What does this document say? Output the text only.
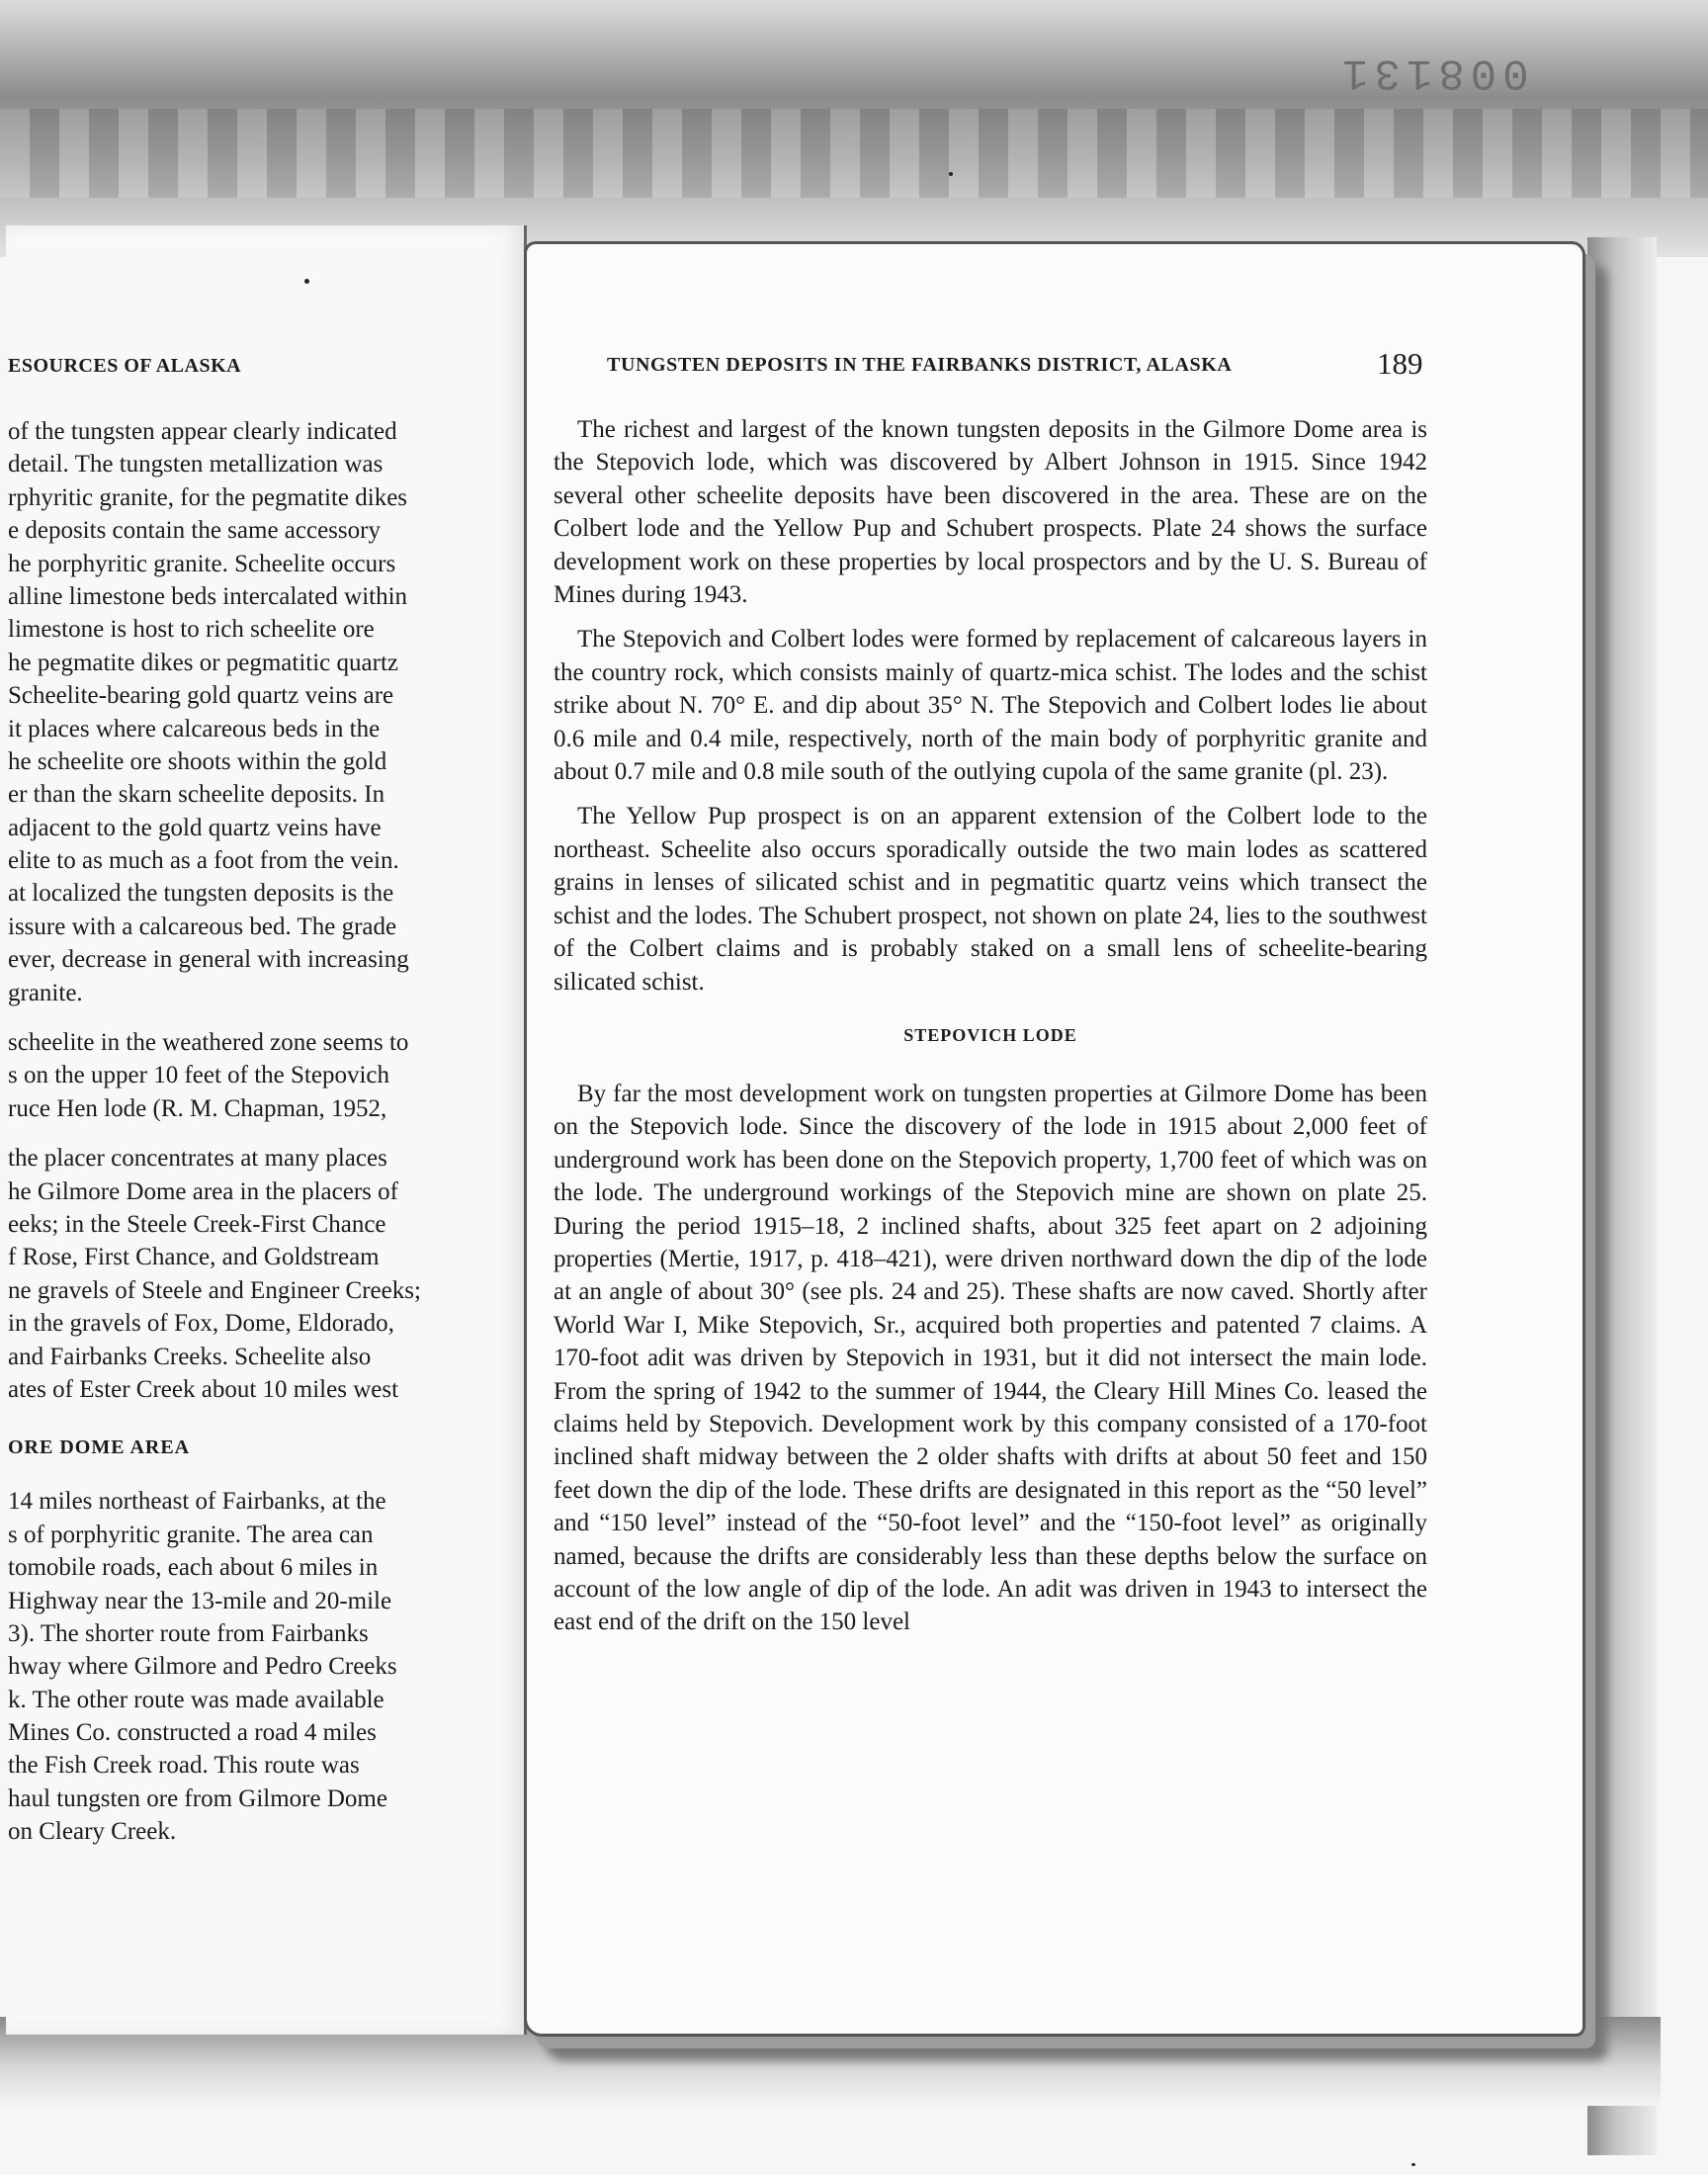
008131
ESOURCES OF ALASKA

of the tungsten appear clearly indicated

detail. The tungsten metallization was

rphyritic granite, for the pegmatite dikes

e deposits contain the same accessory

he porphyritic granite. Scheelite occurs

alline limestone beds intercalated within

limestone is host to rich scheelite ore

he pegmatite dikes or pegmatitic quartz

Scheelite-bearing gold quartz veins are

it places where calcareous beds in the

he scheelite ore shoots within the gold

er than the skarn scheelite deposits. In

adjacent to the gold quartz veins have

elite to as much as a foot from the vein.

at localized the tungsten deposits is the

issure with a calcareous bed. The grade

ever, decrease in general with increasing

granite.

scheelite in the weathered zone seems to

s on the upper 10 feet of the Stepovich

ruce Hen lode (R. M. Chapman, 1952,

the placer concentrates at many places

he Gilmore Dome area in the placers of

eeks; in the Steele Creek-First Chance

f Rose, First Chance, and Goldstream

ne gravels of Steele and Engineer Creeks;

in the gravels of Fox, Dome, Eldorado,

and Fairbanks Creeks. Scheelite also

ates of Ester Creek about 10 miles west

ORE DOME AREA

14 miles northeast of Fairbanks, at the

s of porphyritic granite. The area can

tomobile roads, each about 6 miles in

Highway near the 13-mile and 20-mile

3). The shorter route from Fairbanks

hway where Gilmore and Pedro Creeks

k. The other route was made available

Mines Co. constructed a road 4 miles

the Fish Creek road. This route was

haul tungsten ore from Gilmore Dome

on Cleary Creek.

TUNGSTEN DEPOSITS IN THE FAIRBANKS DISTRICT, ALASKA	189

The richest and largest of the known tungsten deposits in the Gilmore Dome area is the Stepovich lode, which was discovered by Albert Johnson in 1915. Since 1942 several other scheelite deposits have been discovered in the area. These are on the Colbert lode and the Yellow Pup and Schubert prospects. Plate 24 shows the surface development work on these properties by local prospectors and by the U. S. Bureau of Mines during 1943.

The Stepovich and Colbert lodes were formed by replacement of calcareous layers in the country rock, which consists mainly of quartz-mica schist. The lodes and the schist strike about N. 70° E. and dip about 35° N. The Stepovich and Colbert lodes lie about 0.6 mile and 0.4 mile, respectively, north of the main body of porphyritic granite and about 0.7 mile and 0.8 mile south of the outlying cupola of the same granite (pl. 23).

The Yellow Pup prospect is on an apparent extension of the Colbert lode to the northeast. Scheelite also occurs sporadically outside the two main lodes as scattered grains in lenses of silicated schist and in pegmatitic quartz veins which transect the schist and the lodes. The Schubert prospect, not shown on plate 24, lies to the southwest of the Colbert claims and is probably staked on a small lens of scheelite-bearing silicated schist.

STEPOVICH LODE

By far the most development work on tungsten properties at Gilmore Dome has been on the Stepovich lode. Since the discovery of the lode in 1915 about 2,000 feet of underground work has been done on the Stepovich property, 1,700 feet of which was on the lode. The underground workings of the Stepovich mine are shown on plate 25. During the period 1915–18, 2 inclined shafts, about 325 feet apart on 2 adjoining properties (Mertie, 1917, p. 418–421), were driven northward down the dip of the lode at an angle of about 30° (see pls. 24 and 25). These shafts are now caved. Shortly after World War I, Mike Stepovich, Sr., acquired both properties and patented 7 claims. A 170-foot adit was driven by Stepovich in 1931, but it did not intersect the main lode. From the spring of 1942 to the summer of 1944, the Cleary Hill Mines Co. leased the claims held by Stepovich. Development work by this company consisted of a 170-foot inclined shaft midway between the 2 older shafts with drifts at about 50 feet and 150 feet down the dip of the lode. These drifts are designated in this report as the “50 level” and “150 level” instead of the “50-foot level” and the “150-foot level” as originally named, because the drifts are considerably less than these depths below the surface on account of the low angle of dip of the lode. An adit was driven in 1943 to intersect the east end of the drift on the 150 level
